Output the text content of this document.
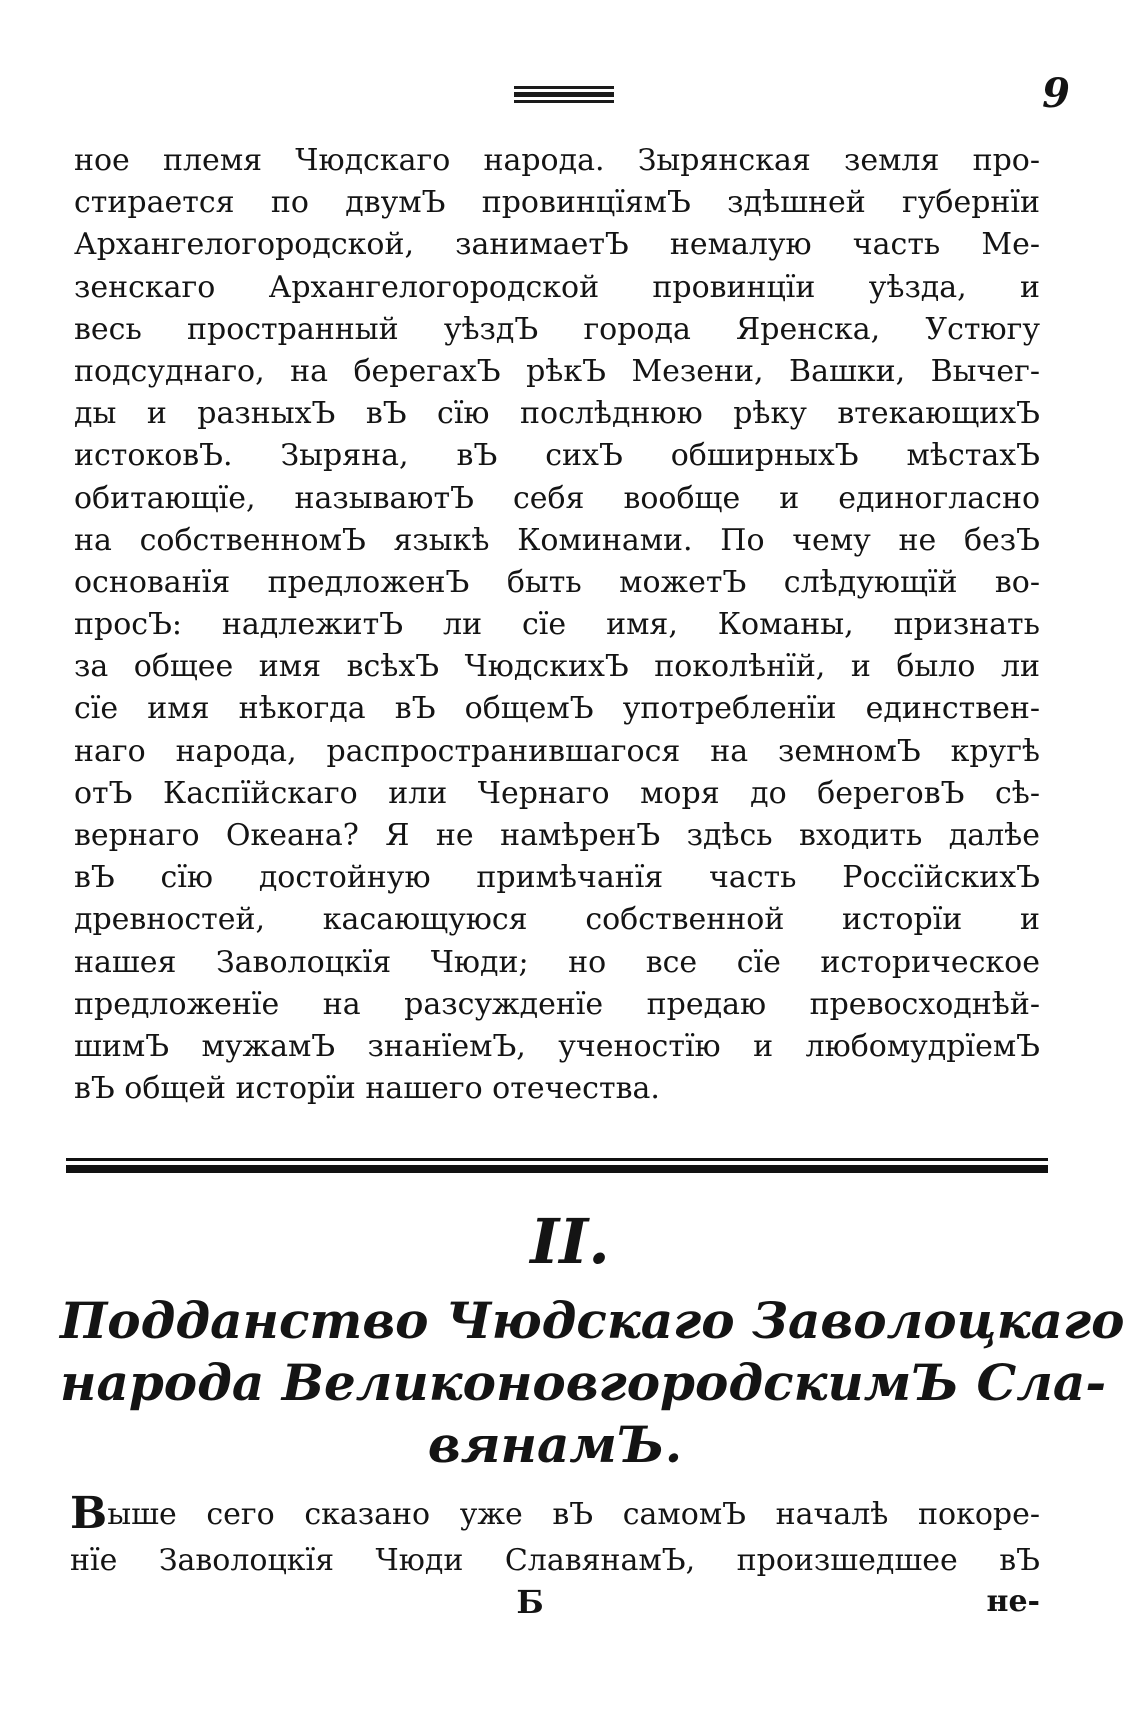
9

ное племя Чюдскаго народа. Зырянская земля про-
стирается по двумЪ провинцїямЪ здѣшней губернїи
Архангелогородской, занимаетЪ немалую часть Ме-
зенскаго Архангелогородской провинцїи уѣзда, и
весь пространный уѣздЪ города Яренска, Устюгу
подсуднаго, на берегахЪ рѣкЪ Мезени, Вашки, Вычег-
ды и разныхЪ вЪ сїю послѣднюю рѣку втекающихЪ
истоковЪ. Зыряна, вЪ сихЪ обширныхЪ мѣстахЪ
обитающїе, называютЪ себя вообще и единогласно
на собственномЪ языкѣ Коминами. По чему не безЪ
основанїя предложенЪ быть можетЪ слѣдующїй во-
просЪ: надлежитЪ ли сїе имя, Команы, признать
за общее имя всѣхЪ ЧюдскихЪ поколѣнїй, и было ли
сїе имя нѣкогда вЪ общемЪ употребленїи единствен-
наго народа, распространившагося на земномЪ кругѣ
отЪ Каспїйскаго или Чернаго моря до береговЪ сѣ-
вернаго Океана? Я не намѣренЪ здѣсь входить далѣе
вЪ сїю достойную примѣчанїя часть РоссїйскихЪ
древностей, касающуюся собственной исторїи и
нашея Заволоцкїя Чюди; но все сїе историческое
предложенїе на разсужденїе предаю превосходнѣй-
шимЪ мужамЪ знанїемЪ, ученостїю и любомудрїемЪ
вЪ общей исторїи нашего отечества.

II.
Подданство Чюдскаго Заволоцкаго
народа ВеликоновгородскимЪ Сла-
вянамЪ.

Выше сего сказано уже вЪ самомЪ началѣ покоре-
нїе Заволоцкїя Чюди СлавянамЪ, произшедшее вЪ

Б	не-
